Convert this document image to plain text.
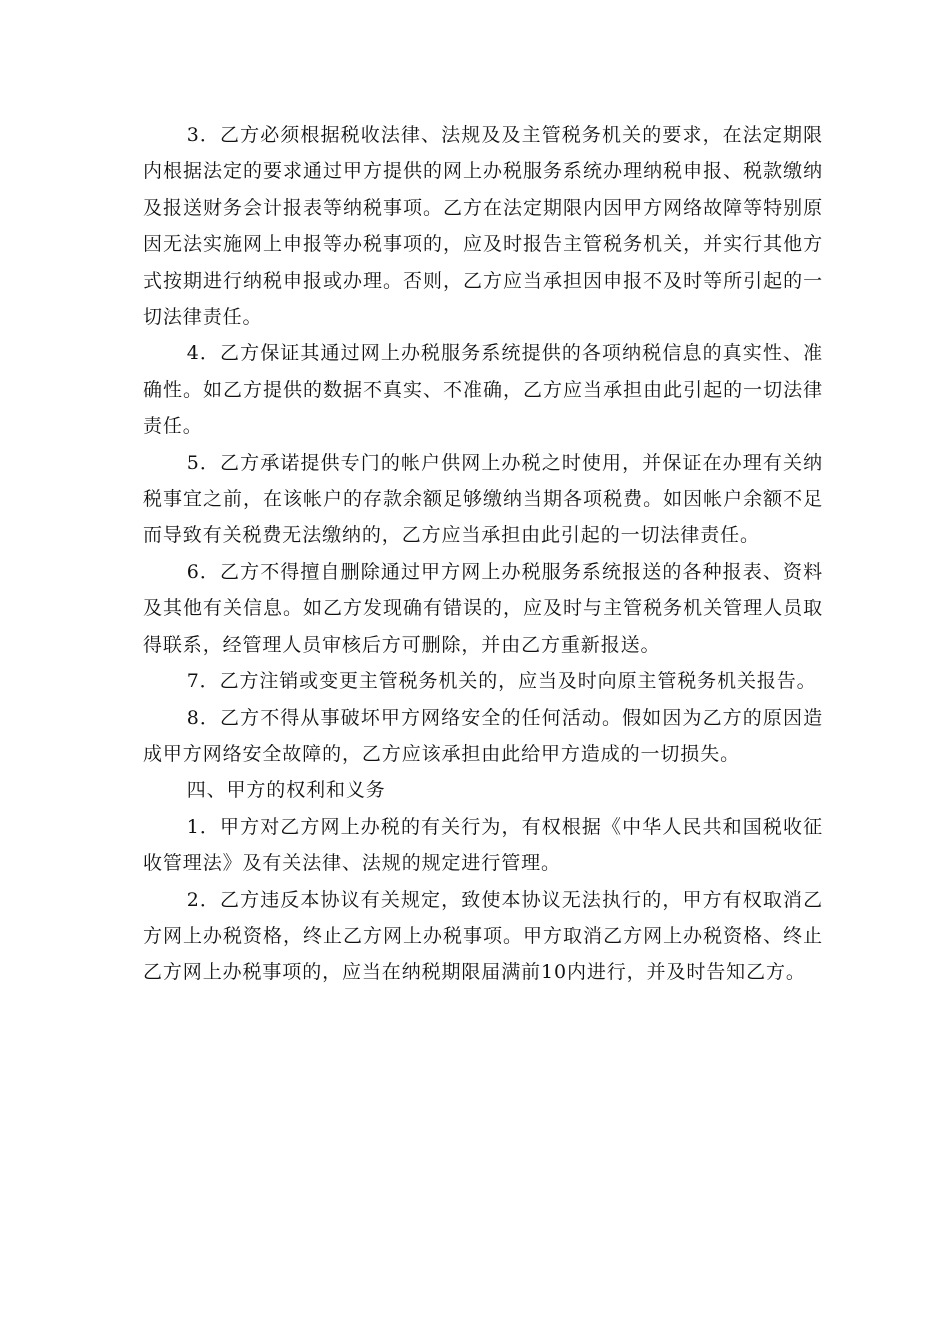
3．乙方必须根据税收法律、法规及及主管税务机关的要求，在法定期限内根据法定的要求通过甲方提供的网上办税服务系统办理纳税申报、税款缴纳及报送财务会计报表等纳税事项。乙方在法定期限内因甲方网络故障等特别原因无法实施网上申报等办税事项的，应及时报告主管税务机关，并实行其他方式按期进行纳税申报或办理。否则，乙方应当承担因申报不及时等所引起的一切法律责任。

4．乙方保证其通过网上办税服务系统提供的各项纳税信息的真实性、准确性。如乙方提供的数据不真实、不准确，乙方应当承担由此引起的一切法律责任。

5．乙方承诺提供专门的帐户供网上办税之时使用，并保证在办理有关纳税事宜之前，在该帐户的存款余额足够缴纳当期各项税费。如因帐户余额不足而导致有关税费无法缴纳的，乙方应当承担由此引起的一切法律责任。

6．乙方不得擅自删除通过甲方网上办税服务系统报送的各种报表、资料及其他有关信息。如乙方发现确有错误的，应及时与主管税务机关管理人员取得联系，经管理人员审核后方可删除，并由乙方重新报送。

7．乙方注销或变更主管税务机关的，应当及时向原主管税务机关报告。

8．乙方不得从事破坏甲方网络安全的任何活动。假如因为乙方的原因造成甲方网络安全故障的，乙方应该承担由此给甲方造成的一切损失。

四、甲方的权利和义务

1．甲方对乙方网上办税的有关行为，有权根据《中华人民共和国税收征收管理法》及有关法律、法规的规定进行管理。

2．乙方违反本协议有关规定，致使本协议无法执行的，甲方有权取消乙方网上办税资格，终止乙方网上办税事项。甲方取消乙方网上办税资格、终止乙方网上办税事项的，应当在纳税期限届满前10内进行，并及时告知乙方。
